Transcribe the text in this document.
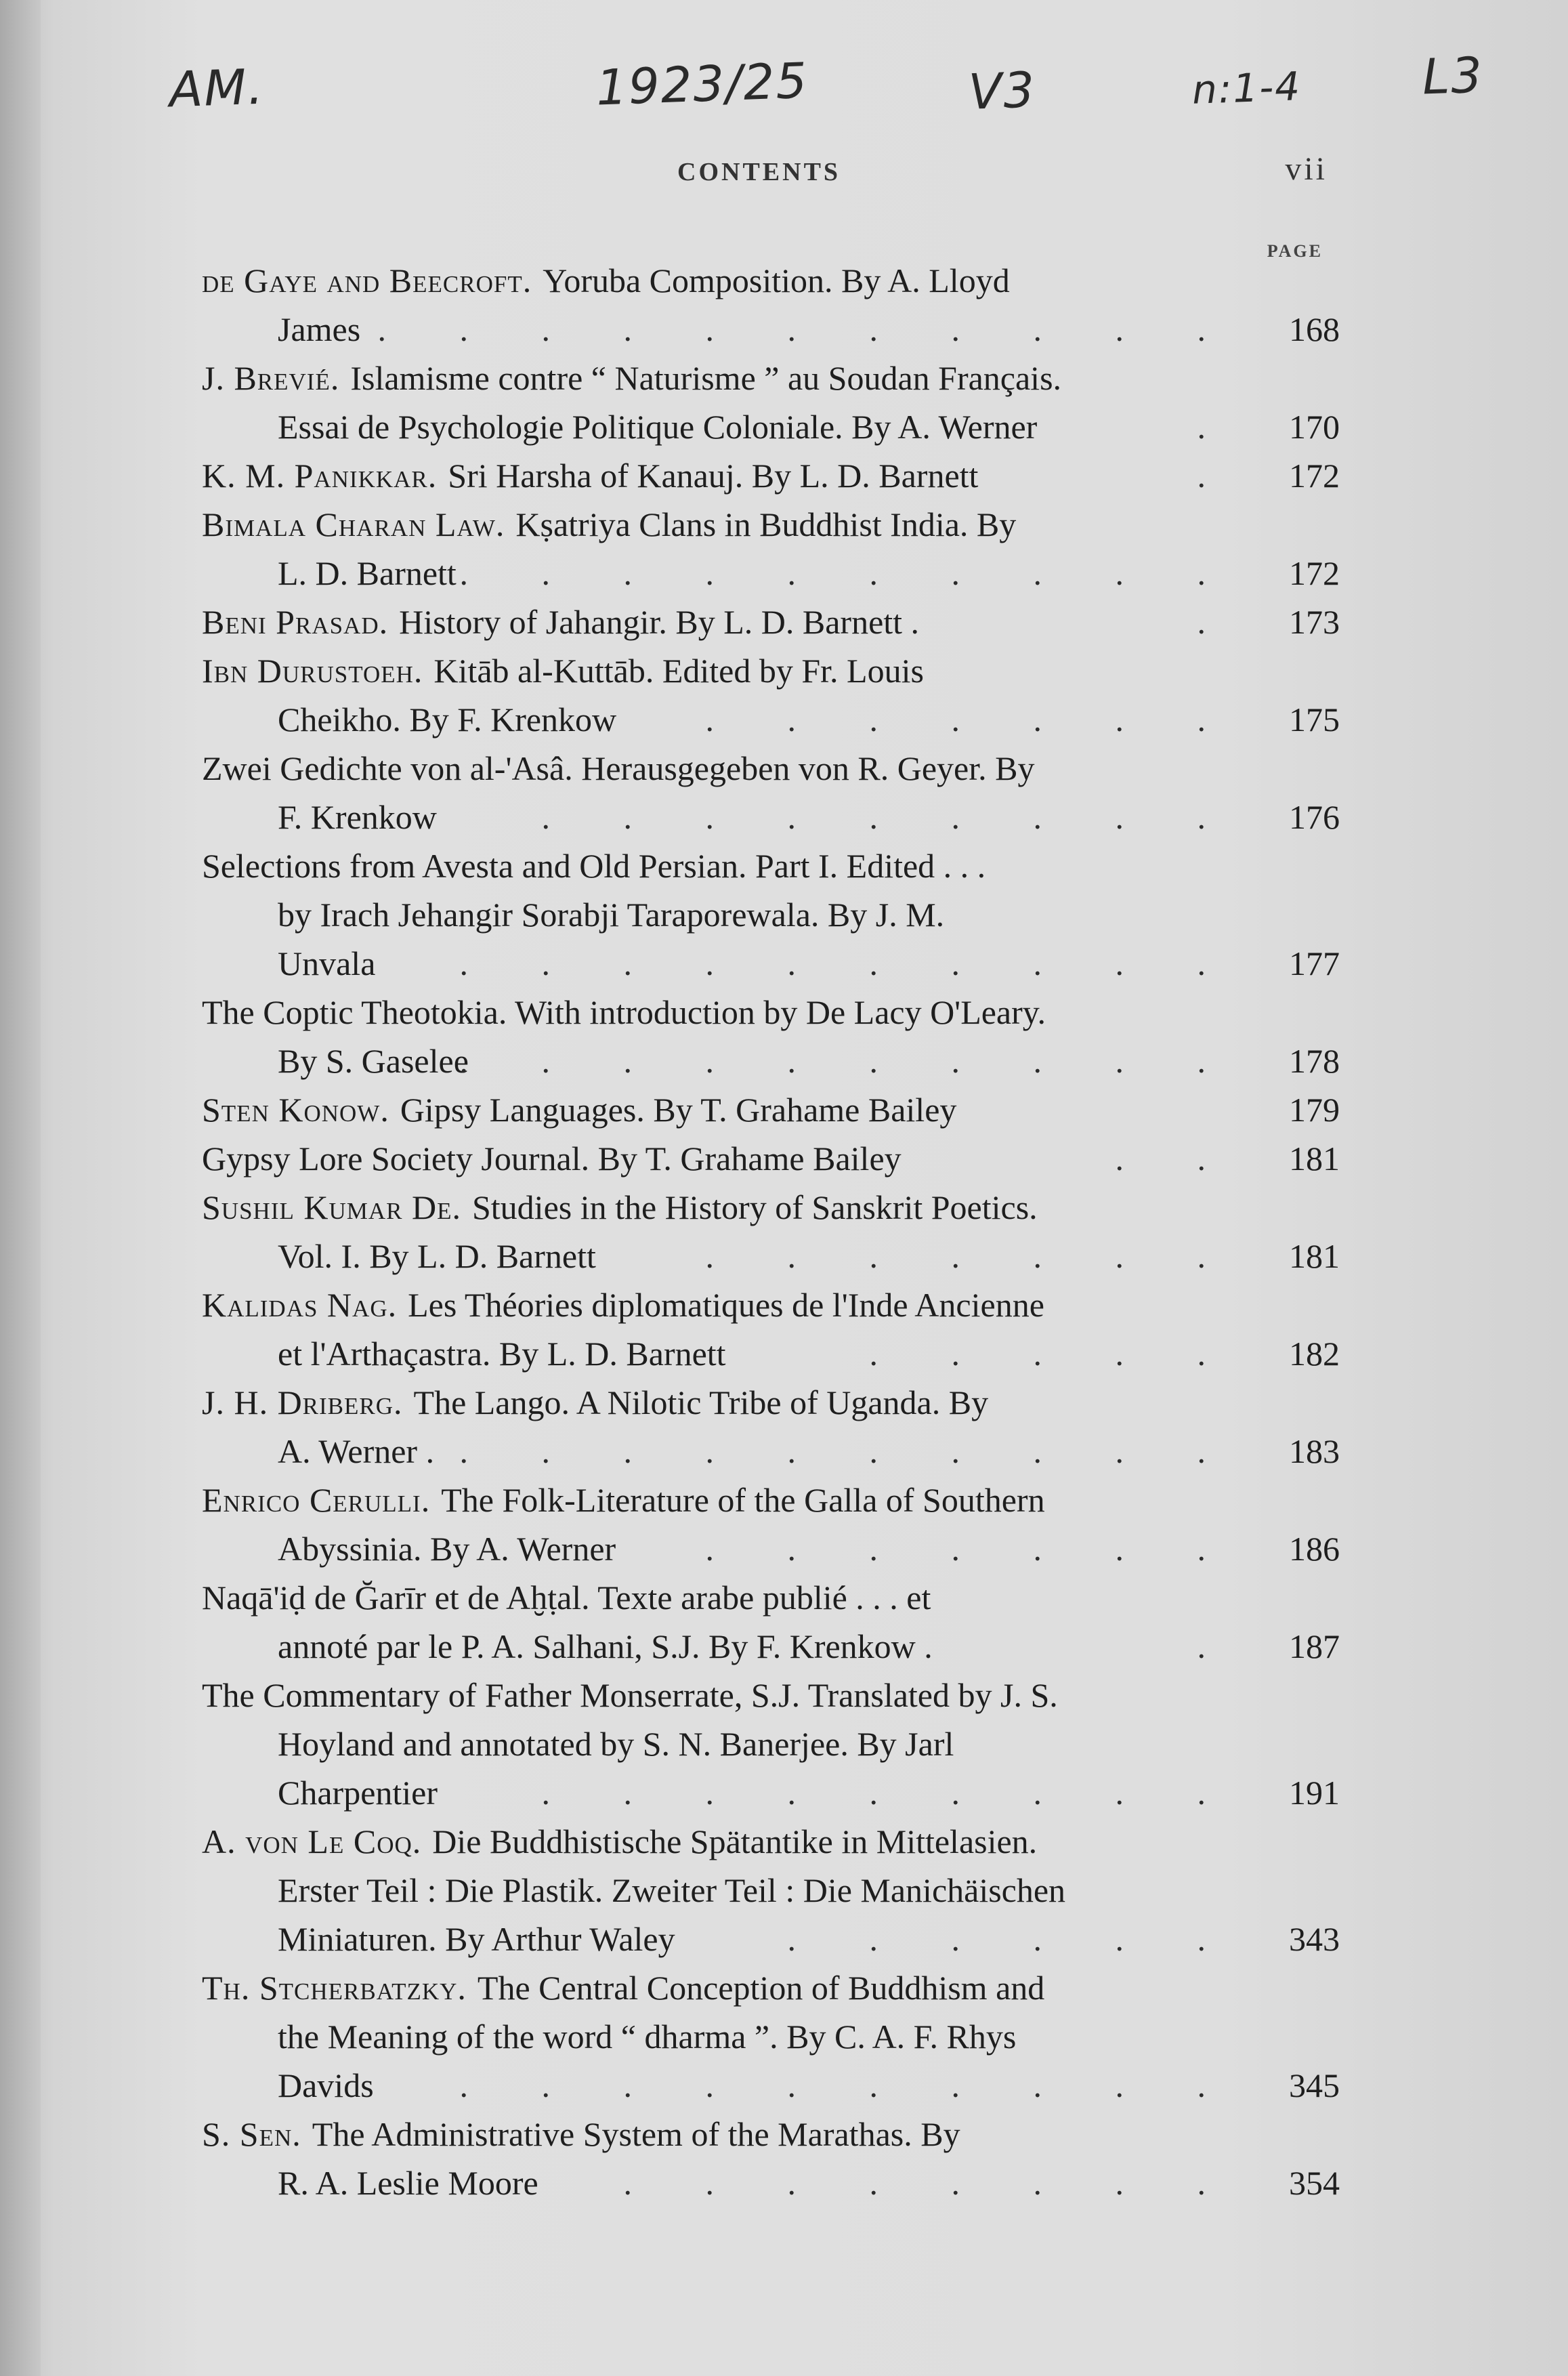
AM.	1923/25	V3	n:1-4 L3
CONTENTS	vii
PAGE
de Gaye and Beecroft. Yoruba Composition. By A. Lloyd
James . . . . . . . . . . .	168
J. Brevié. Islamisme contre “ Naturisme ” au Soudan Français.
Essai de Psychologie Politique Coloniale. By A. Werner	.	170
K. M. Panikkar. Sri Harsha of Kanauj. By L. D. Barnett	.	172
Bimala Charan Law. Kṣatriya Clans in Buddhist India. By
L. D. Barnett . . . . . . . . . .	172
Beni Prasad. History of Jahangir. By L. D. Barnett .	.	173
Ibn Durustoeh. Kitāb al-Kuttāb. Edited by Fr. Louis
Cheikho. By F. Krenkow	. . . . . . .	175
Zwei Gedichte von al-'Asâ. Herausgegeben von R. Geyer. By
F. Krenkow	. . . . . . . . .	176
Selections from Avesta and Old Persian. Part I. Edited . . .
by Irach Jehangir Sorabji Taraporewala. By J. M.
Unvala . . . . . . . . . .	177
The Coptic Theotokia. With introduction by De Lacy O'Leary.
By S. Gaselee
. . . . . . . . . .	178
Sten Konow. Gipsy Languages. By T. Grahame Bailey	179
Gypsy Lore Society Journal. By T. Grahame Bailey	. .	181
Sushil Kumar De. Studies in the History of Sanskrit Poetics.
Vol. I. By L. D. Barnett	. . . . . . .	181
Kalidas Nag. Les Théories diplomatiques de l'Inde Ancienne
et l'Arthaçastra. By L. D. Barnett	. . . . .	182
J. H. Driberg. The Lango. A Nilotic Tribe of Uganda. By
A. Werner . . . . . . . . . . .	183
Enrico Cerulli. The Folk-Literature of the Galla of Southern
Abyssinia. By A. Werner	. . . . . . .	186
Naqā'iḍ de Ğarīr et de Aḫṭal. Texte arabe publié . . . et
annoté par le P. A. Salhani, S.J. By F. Krenkow .	.	187
The Commentary of Father Monserrate, S.J. Translated by J. S.
Hoyland and annotated by S. N. Banerjee. By Jarl
Charpentier	. . . . . . . . .	191
A. von Le Coq. Die Buddhistische Spätantike in Mittelasien.
Erster Teil : Die Plastik. Zweiter Teil : Die Manichäischen
Miniaturen. By Arthur Waley	. . . . . .	343
Th. Stcherbatzky. The Central Conception of Buddhism and
the Meaning of the word “ dharma ”. By C. A. F. Rhys
Davids	. . . . . . . . . .	345
S. Sen. The Administrative System of the Marathas. By
R. A. Leslie Moore	. . . . . . . .	354
